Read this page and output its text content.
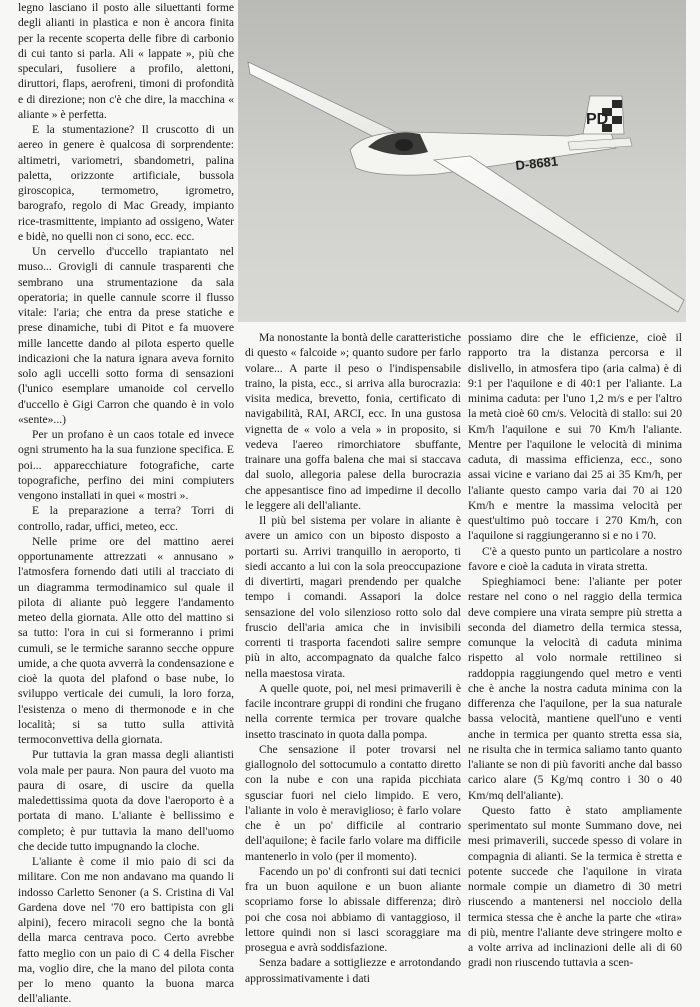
PD
D-8681

legno lasciano il posto alle siluettanti forme degli alianti in plastica e non è ancora finita per la recente scoperta delle fibre di carbonio di cui tanto si parla. Ali « lappate », più che speculari, fusoliere a profilo, alettoni, diruttori, flaps, aerofreni, timoni di profondità e di direzione; non c'è che dire, la macchina « aliante » è perfetta.

E la stumentazione? Il cruscotto di un aereo in genere è qualcosa di sorprendente: altimetri, variometri, sbandometri, palina paletta, orizzonte artificiale, bussola giroscopica, termometro, igrometro, barografo, regolo di Mac Gready, impianto rice-trasmittente, impianto ad ossigeno, Water e bidè, no quelli non ci sono, ecc. ecc.

Un cervello d'uccello trapiantato nel muso... Grovigli di cannule trasparenti che sembrano una strumentazione da sala operatoria; in quelle cannule scorre il flusso vitale: l'aria; che entra da prese statiche e prese dinamiche, tubi di Pitot e fa muovere mille lancette dando al pilota esperto quelle indicazioni che la natura ignara aveva fornito solo agli uccelli sotto forma di sensazioni (l'unico esemplare umanoide col cervello d'uccello è Gigi Carron che quando è in volo «sente»...)

Per un profano è un caos totale ed invece ogni strumento ha la sua funzione specifica. E poi... apparecchiature fotografiche, carte topografiche, perfino dei mini compiuters vengono installati in quei « mostri ».

E la preparazione a terra? Torri di controllo, radar, uffici, meteo, ecc.

Nelle prime ore del mattino aerei opportunamente attrezzati « annusano » l'atmosfera fornendo dati utili al tracciato di un diagramma termodinamico sul quale il pilota di aliante può leggere l'andamento meteo della giornata. Alle otto del mattino si sa tutto: l'ora in cui si formeranno i primi cumuli, se le termiche saranno secche oppure umide, a che quota avverrà la condensazione e cioè la quota del plafond o base nube, lo sviluppo verticale dei cumuli, la loro forza, l'esistenza o meno di thermonode e in che località; si sa tutto sulla attività termoconvettiva della giornata.

Pur tuttavia la gran massa degli aliantisti vola male per paura. Non paura del vuoto ma paura di osare, di uscire da quella maledettissima quota da dove l'aeroporto è a portata di mano. L'aliante è bellissimo e completo; è pur tuttavia la mano dell'uomo che decide tutto impugnando la cloche.

L'aliante è come il mio paio di sci da militare. Con me non andavano ma quando li indosso Carletto Senoner (a S. Cristina di Val Gardena dove nel '70 ero battipista con gli alpini), fecero miracoli segno che la bontà della marca centrava poco. Certo avrebbe fatto meglio con un paio di C 4 della Fischer ma, voglio dire, che la mano del pilota conta per lo meno quanto la buona marca dell'aliante.

Ma nonostante la bontà delle caratteristiche di questo « falcoide »; quanto sudore per farlo volare... A parte il peso o l'indispensabile traino, la pista, ecc., si arriva alla burocrazia: visita medica, brevetto, fonia, certificato di navigabilità, RAI, ARCI, ecc. In una gustosa vignetta de « volo a vela » in proposito, si vedeva l'aereo rimorchiatore sbuffante, trainare una goffa balena che mai si staccava dal suolo, allegoria palese della burocrazia che appesantisce fino ad impedirne il decollo le leggere ali dell'aliante.

Il più bel sistema per volare in aliante è avere un amico con un biposto disposto a portarti su. Arrivi tranquillo in aeroporto, ti siedi accanto a lui con la sola preoccupazione di divertirti, magari prendendo per qualche tempo i comandi. Assapori la dolce sensazione del volo silenzioso rotto solo dal fruscio dell'aria amica che in invisibili correnti ti trasporta facendoti salire sempre più in alto, accompagnato da qualche falco nella maestosa virata.

A quelle quote, poi, nel mesi primaverili è facile incontrare gruppi di rondini che frugano nella corrente termica per trovare qualche insetto trascinato in quota dalla pompa.

Che sensazione il poter trovarsi nel giallognolo del sottocumulo a contatto diretto con la nube e con una rapida picchiata sgusciar fuori nel cielo limpido. E vero, l'aliante in volo è meraviglioso; è farlo volare che è un po' difficile al contrario dell'aquilone; è facile farlo volare ma difficile mantenerlo in volo (per il momento).

Facendo un po' di confronti sui dati tecnici fra un buon aquilone e un buon aliante scopriamo forse lo abissale differenza; dirò poi che cosa noi abbiamo di vantaggioso, il lettore quindi non si lasci scoraggiare ma prosegua e avrà soddisfazione.

Senza badare a sottigliezze e arrotondando approssimativamente i dati

possiamo dire che le efficienze, cioè il rapporto tra la distanza percorsa e il dislivello, in atmosfera tipo (aria calma) è di 9:1 per l'aquilone e di 40:1 per l'aliante. La minima caduta: per l'uno 1,2 m/s e per l'altro la metà cioè 60 cm/s. Velocità di stallo: sui 20 Km/h l'aquilone e sui 70 Km/h l'aliante. Mentre per l'aquilone le velocità di minima caduta, di massima efficienza, ecc., sono assai vicine e variano dai 25 ai 35 Km/h, per l'aliante questo campo varia dai 70 ai 120 Km/h e mentre la massima velocità per quest'ultimo può toccare i 270 Km/h, con l'aquilone si raggiungeranno si e no i 70.

C'è a questo punto un particolare a nostro favore e cioè la caduta in virata stretta.

Spieghiamoci bene: l'aliante per poter restare nel cono o nel raggio della termica deve compiere una virata sempre più stretta a seconda del diametro della termica stessa, comunque la velocità di caduta minima rispetto al volo normale rettilineo si raddoppia raggiungendo quel metro e venti che è anche la nostra caduta minima con la differenza che l'aquilone, per la sua naturale bassa velocità, mantiene quell'uno e venti anche in termica per quanto stretta essa sia, ne risulta che in termica saliamo tanto quanto l'aliante se non di più favoriti anche dal basso carico alare (5 Kg/mq contro i 30 o 40 Km/mq dell'aliante).

Questo fatto è stato ampliamente sperimentato sul monte Summano dove, nei mesi primaverili, succede spesso di volare in compagnia di alianti. Se la termica è stretta e potente succede che l'aquilone in virata normale compie un diametro di 30 metri riuscendo a mantenersi nel nocciolo della termica stessa che è anche la parte che «tira» di più, mentre l'aliante deve stringere molto e a volte arriva ad inclinazioni delle ali di 60 gradi non riuscendo tuttavia a scen-
